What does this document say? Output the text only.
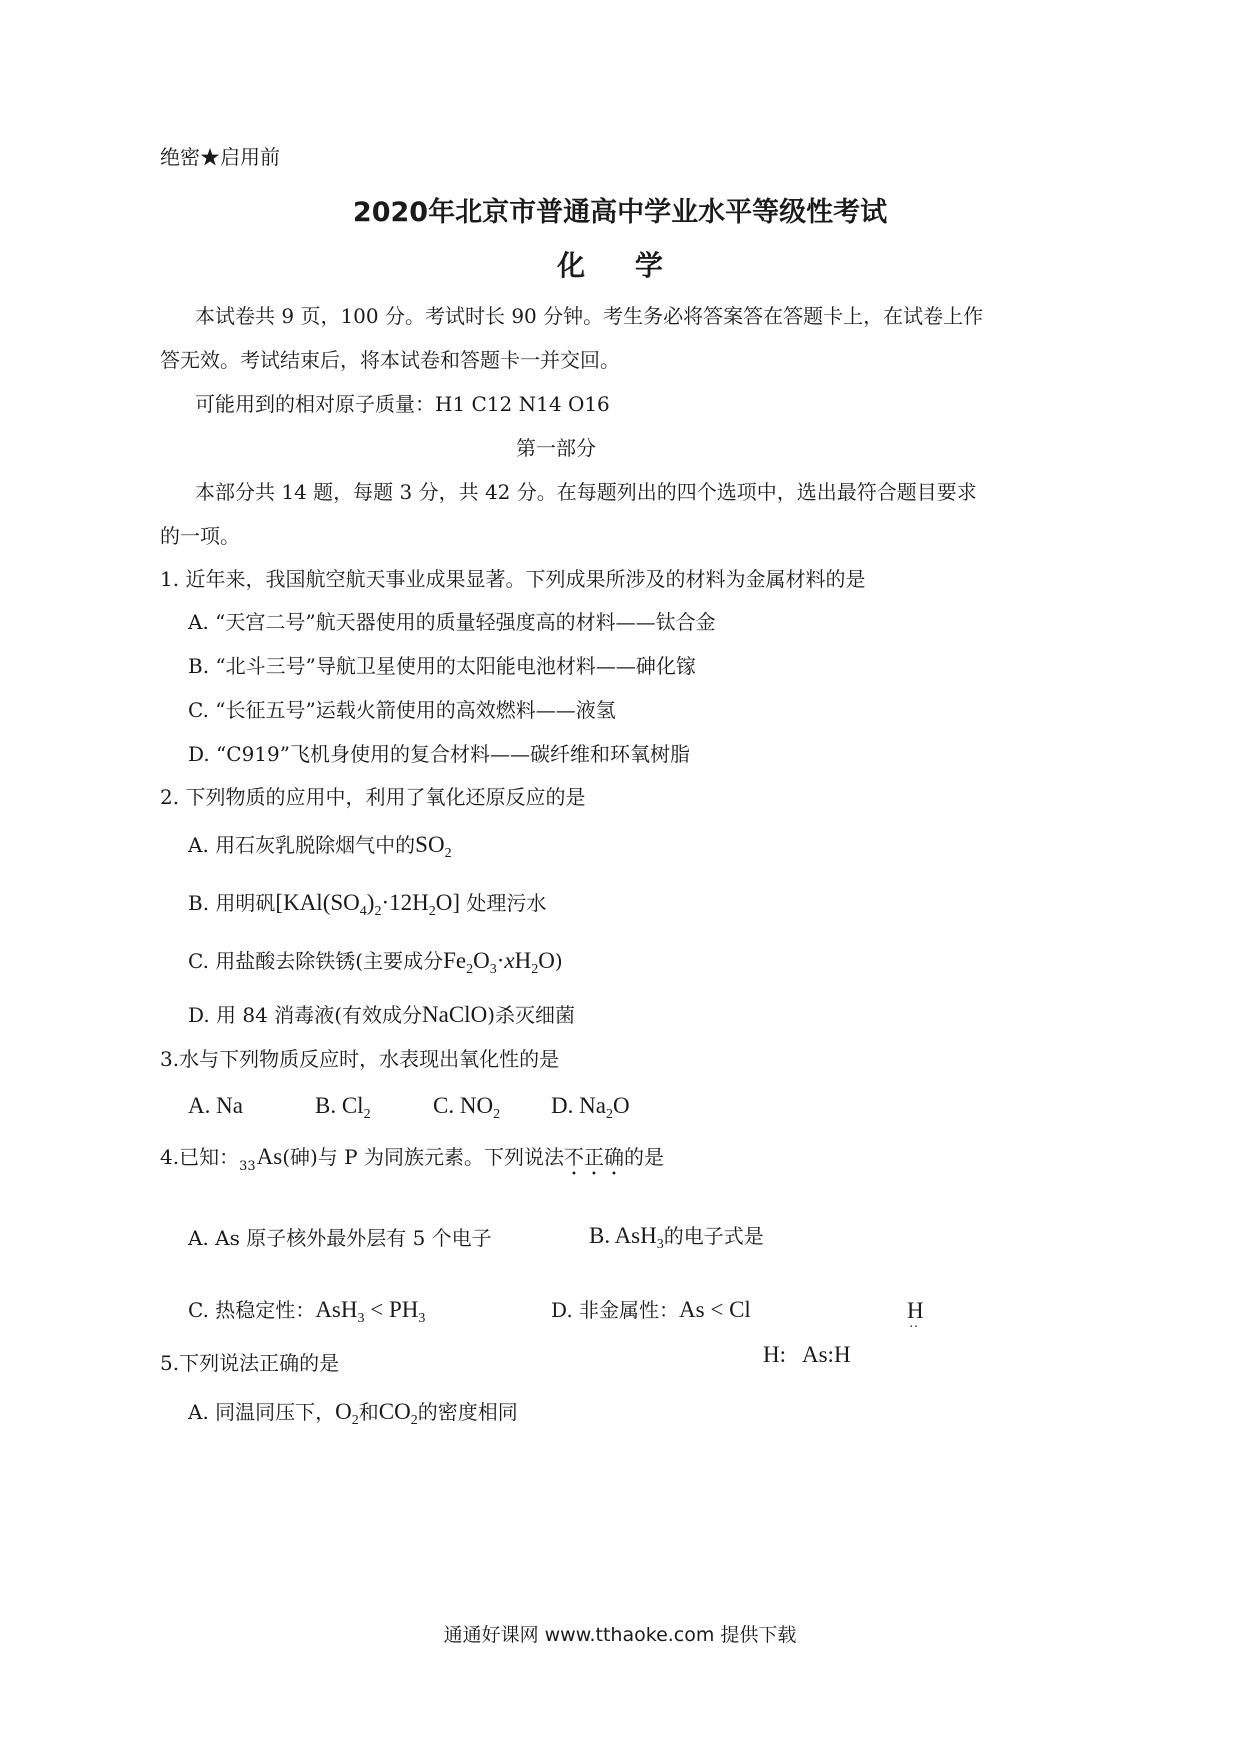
绝密★启用前
2020年北京市普通高中学业水平等级性考试
化 学
本试卷共 9 页，100 分。考试时长 90 分钟。考生务必将答案答在答题卡上，在试卷上作
答无效。考试结束后，将本试卷和答题卡一并交回。
可能用到的相对原子质量：H1 C12 N14 O16
第一部分
本部分共 14 题，每题 3 分，共 42 分。在每题列出的四个选项中，选出最符合题目要求
的一项。
1. 近年来，我国航空航天事业成果显著。下列成果所涉及的材料为金属材料的是
A. “天宫二号”航天器使用的质量轻强度高的材料——钛合金
B. “北斗三号”导航卫星使用的太阳能电池材料——砷化镓
C. “长征五号”运载火箭使用的高效燃料——液氢
D. “C919”飞机身使用的复合材料——碳纤维和环氧树脂
2. 下列物质的应用中，利用了氧化还原反应的是
A. 用石灰乳脱除烟气中的$SO_2$
B. 用明矾$[KAl(SO_4)_2\cdot 12H_2O]$ 处理污水
C. 用盐酸去除铁锈(主要成分$Fe_2O_3\cdot xH_2O$)
D. 用 84 消毒液(有效成分NaClO)杀灭细菌
3.水与下列物质反应时，水表现出氧化性的是
A. Na	B. $Cl_2$	C. $NO_2$ D. $Na_2O$
4.已知：$_{33}$As(砷)与 P 为同族元素。下列说法不正确的是
A. As 原子核外最外层有 5 个电子	B. AsH$_3$的电子式是
H
··
H: As:H
C. 热稳定性：$AsH_3 < PH_3$	D. 非金属性：As < Cl
5.下列说法正确的是
A. 同温同压下，$O_2$和$CO_2$的密度相同
通通好课网 www.tthaoke.com 提供下载
